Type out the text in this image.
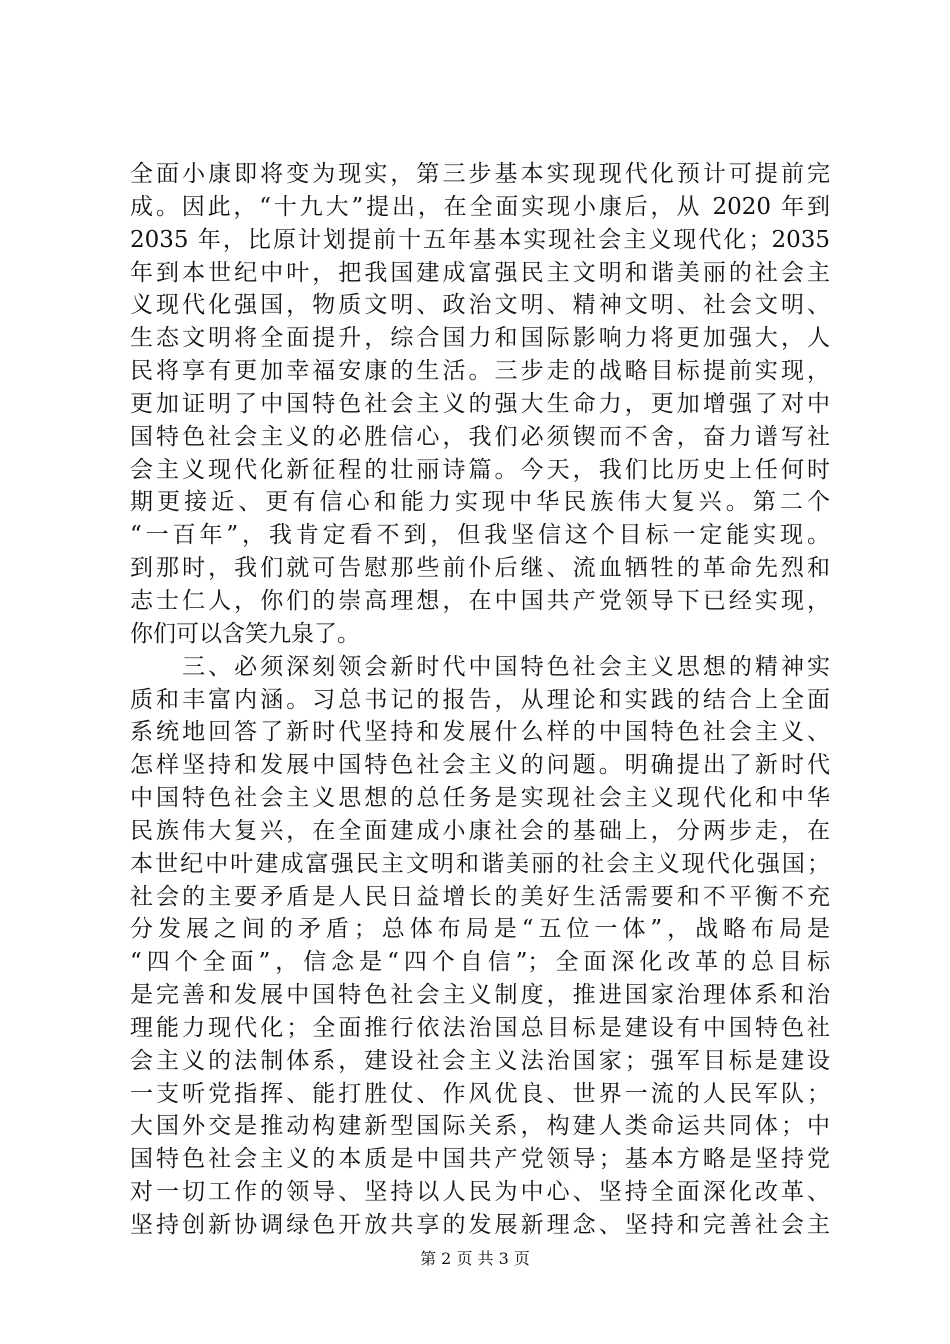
全面小康即将变为现实，第三步基本实现现代化预计可提前完
成。因此，“十九大”提出，在全面实现小康后，从 2020 年到
2035 年，比原计划提前十五年基本实现社会主义现代化；2035
年到本世纪中叶，把我国建成富强民主文明和谐美丽的社会主
义现代化强国，物质文明、政治文明、精神文明、社会文明、
生态文明将全面提升，综合国力和国际影响力将更加强大，人
民将享有更加幸福安康的生活。三步走的战略目标提前实现，
更加证明了中国特色社会主义的强大生命力，更加增强了对中
国特色社会主义的必胜信心，我们必须锲而不舍，奋力谱写社
会主义现代化新征程的壮丽诗篇。今天，我们比历史上任何时
期更接近、更有信心和能力实现中华民族伟大复兴。第二个
“一百年”，我肯定看不到，但我坚信这个目标一定能实现。
到那时，我们就可告慰那些前仆后继、流血牺牲的革命先烈和
志士仁人，你们的崇高理想，在中国共产党领导下已经实现，
你们可以含笑九泉了。
　　三、必须深刻领会新时代中国特色社会主义思想的精神实
质和丰富内涵。习总书记的报告，从理论和实践的结合上全面
系统地回答了新时代坚持和发展什么样的中国特色社会主义、
怎样坚持和发展中国特色社会主义的问题。明确提出了新时代
中国特色社会主义思想的总任务是实现社会主义现代化和中华
民族伟大复兴，在全面建成小康社会的基础上，分两步走，在
本世纪中叶建成富强民主文明和谐美丽的社会主义现代化强国；
社会的主要矛盾是人民日益增长的美好生活需要和不平衡不充
分发展之间的矛盾；总体布局是“五位一体”，战略布局是
“四个全面”，信念是“四个自信”；全面深化改革的总目标
是完善和发展中国特色社会主义制度，推进国家治理体系和治
理能力现代化；全面推行依法治国总目标是建设有中国特色社
会主义的法制体系，建设社会主义法治国家；强军目标是建设
一支听党指挥、能打胜仗、作风优良、世界一流的人民军队；
大国外交是推动构建新型国际关系，构建人类命运共同体；中
国特色社会主义的本质是中国共产党领导；基本方略是坚持党
对一切工作的领导、坚持以人民为中心、坚持全面深化改革、
坚持创新协调绿色开放共享的发展新理念、坚持和完善社会主
第 2 页 共 3 页
